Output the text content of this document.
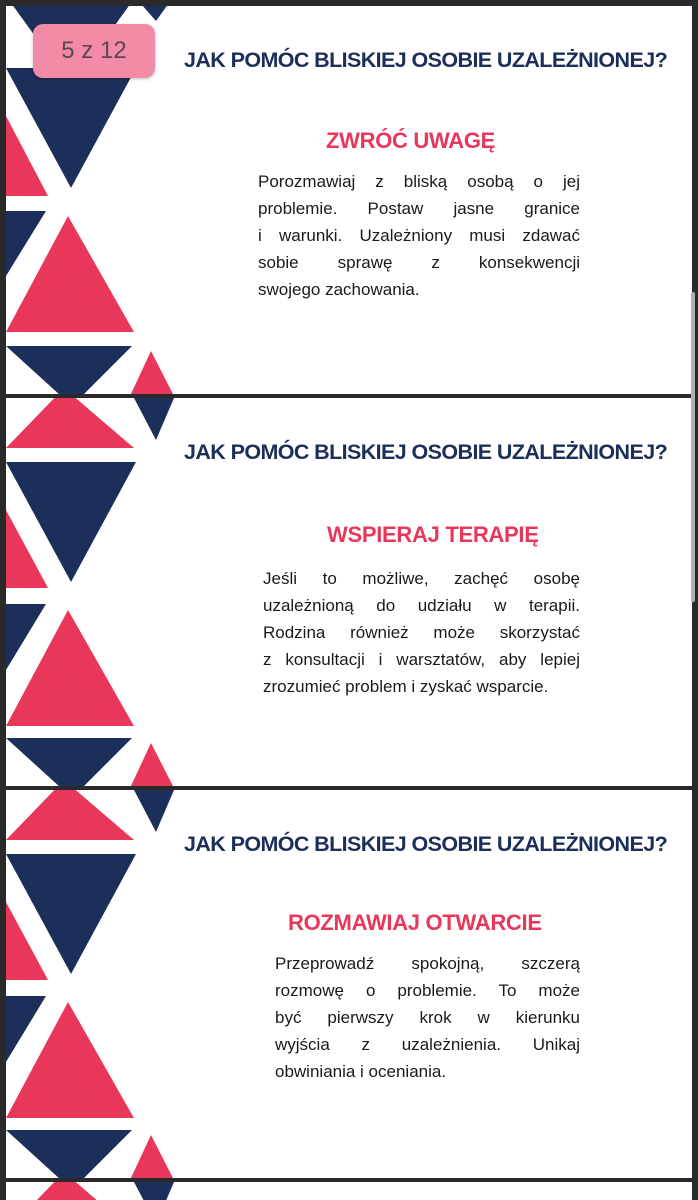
JAK POMÓC BLISKIEJ OSOBIE UZALEŻNIONEJ?
ZWRÓĆ UWAGĘ
Porozmawiaj z bliską osobą o jej
problemie. Postaw jasne granice
i warunki. Uzależniony musi zdawać
sobie sprawę z konsekwencji
swojego zachowania.
JAK POMÓC BLISKIEJ OSOBIE UZALEŻNIONEJ?
WSPIERAJ TERAPIĘ
Jeśli to możliwe, zachęć osobę
uzależnioną do udziału w terapii.
Rodzina również może skorzystać
z konsultacji i warsztatów, aby lepiej
zrozumieć problem i zyskać wsparcie.
JAK POMÓC BLISKIEJ OSOBIE UZALEŻNIONEJ?
ROZMAWIAJ OTWARCIE
Przeprowadź spokojną, szczerą
rozmowę o problemie. To może
być pierwszy krok w kierunku
wyjścia z uzależnienia. Unikaj
obwiniania i oceniania.
5 z 12
